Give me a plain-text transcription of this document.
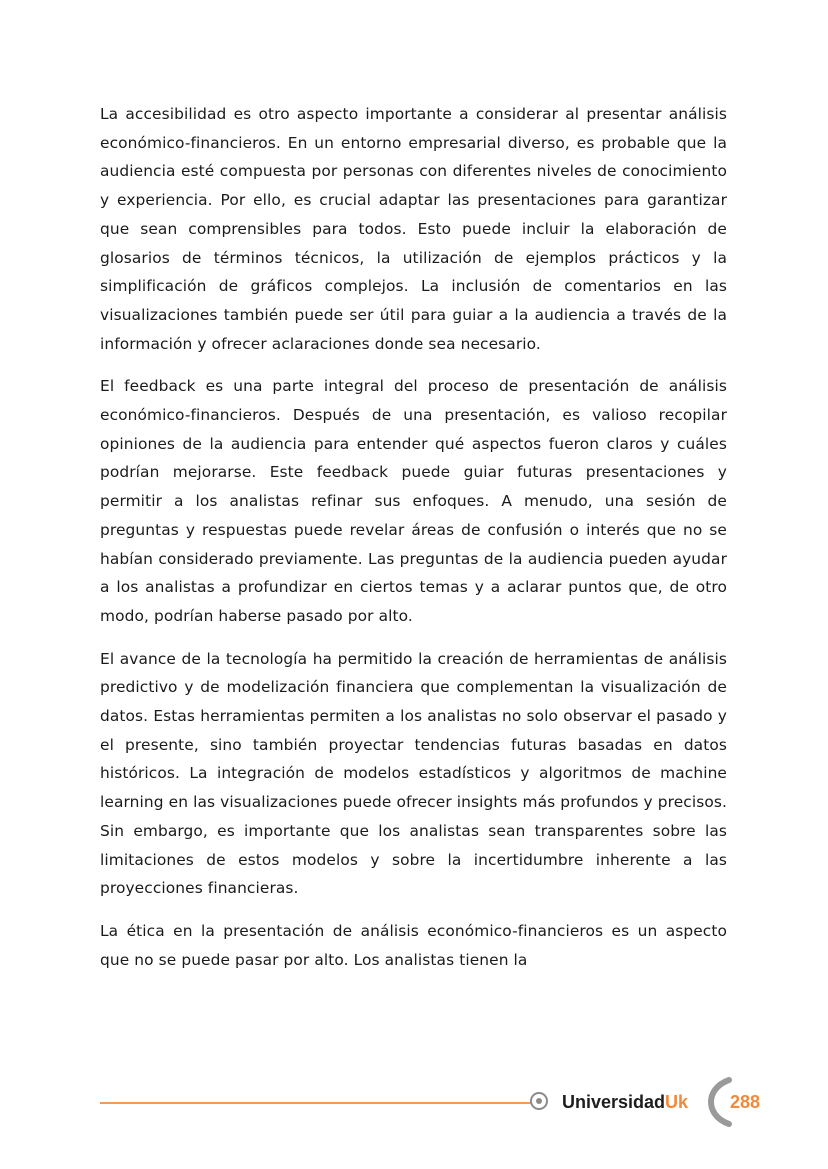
La accesibilidad es otro aspecto importante a considerar al presentar análisis económico-financieros. En un entorno empresarial diverso, es probable que la audiencia esté compuesta por personas con diferentes niveles de conocimiento y experiencia. Por ello, es crucial adaptar las presentaciones para garantizar que sean comprensibles para todos. Esto puede incluir la elaboración de glosarios de términos técnicos, la utilización de ejemplos prácticos y la simplificación de gráficos complejos. La inclusión de comentarios en las visualizaciones también puede ser útil para guiar a la audiencia a través de la información y ofrecer aclaraciones donde sea necesario.

El feedback es una parte integral del proceso de presentación de análisis económico-financieros. Después de una presentación, es valioso recopilar opiniones de la audiencia para entender qué aspectos fueron claros y cuáles podrían mejorarse. Este feedback puede guiar futuras presentaciones y permitir a los analistas refinar sus enfoques. A menudo, una sesión de preguntas y respuestas puede revelar áreas de confusión o interés que no se habían considerado previamente. Las preguntas de la audiencia pueden ayudar a los analistas a profundizar en ciertos temas y a aclarar puntos que, de otro modo, podrían haberse pasado por alto.

El avance de la tecnología ha permitido la creación de herramientas de análisis predictivo y de modelización financiera que complementan la visualización de datos. Estas herramientas permiten a los analistas no solo observar el pasado y el presente, sino también proyectar tendencias futuras basadas en datos históricos. La integración de modelos estadísticos y algoritmos de machine learning en las visualizaciones puede ofrecer insights más profundos y precisos. Sin embargo, es importante que los analistas sean transparentes sobre las limitaciones de estos modelos y sobre la incertidumbre inherente a las proyecciones financieras.

La ética en la presentación de análisis económico-financieros es un aspecto que no se puede pasar por alto. Los analistas tienen la

UniversidadUk 288
